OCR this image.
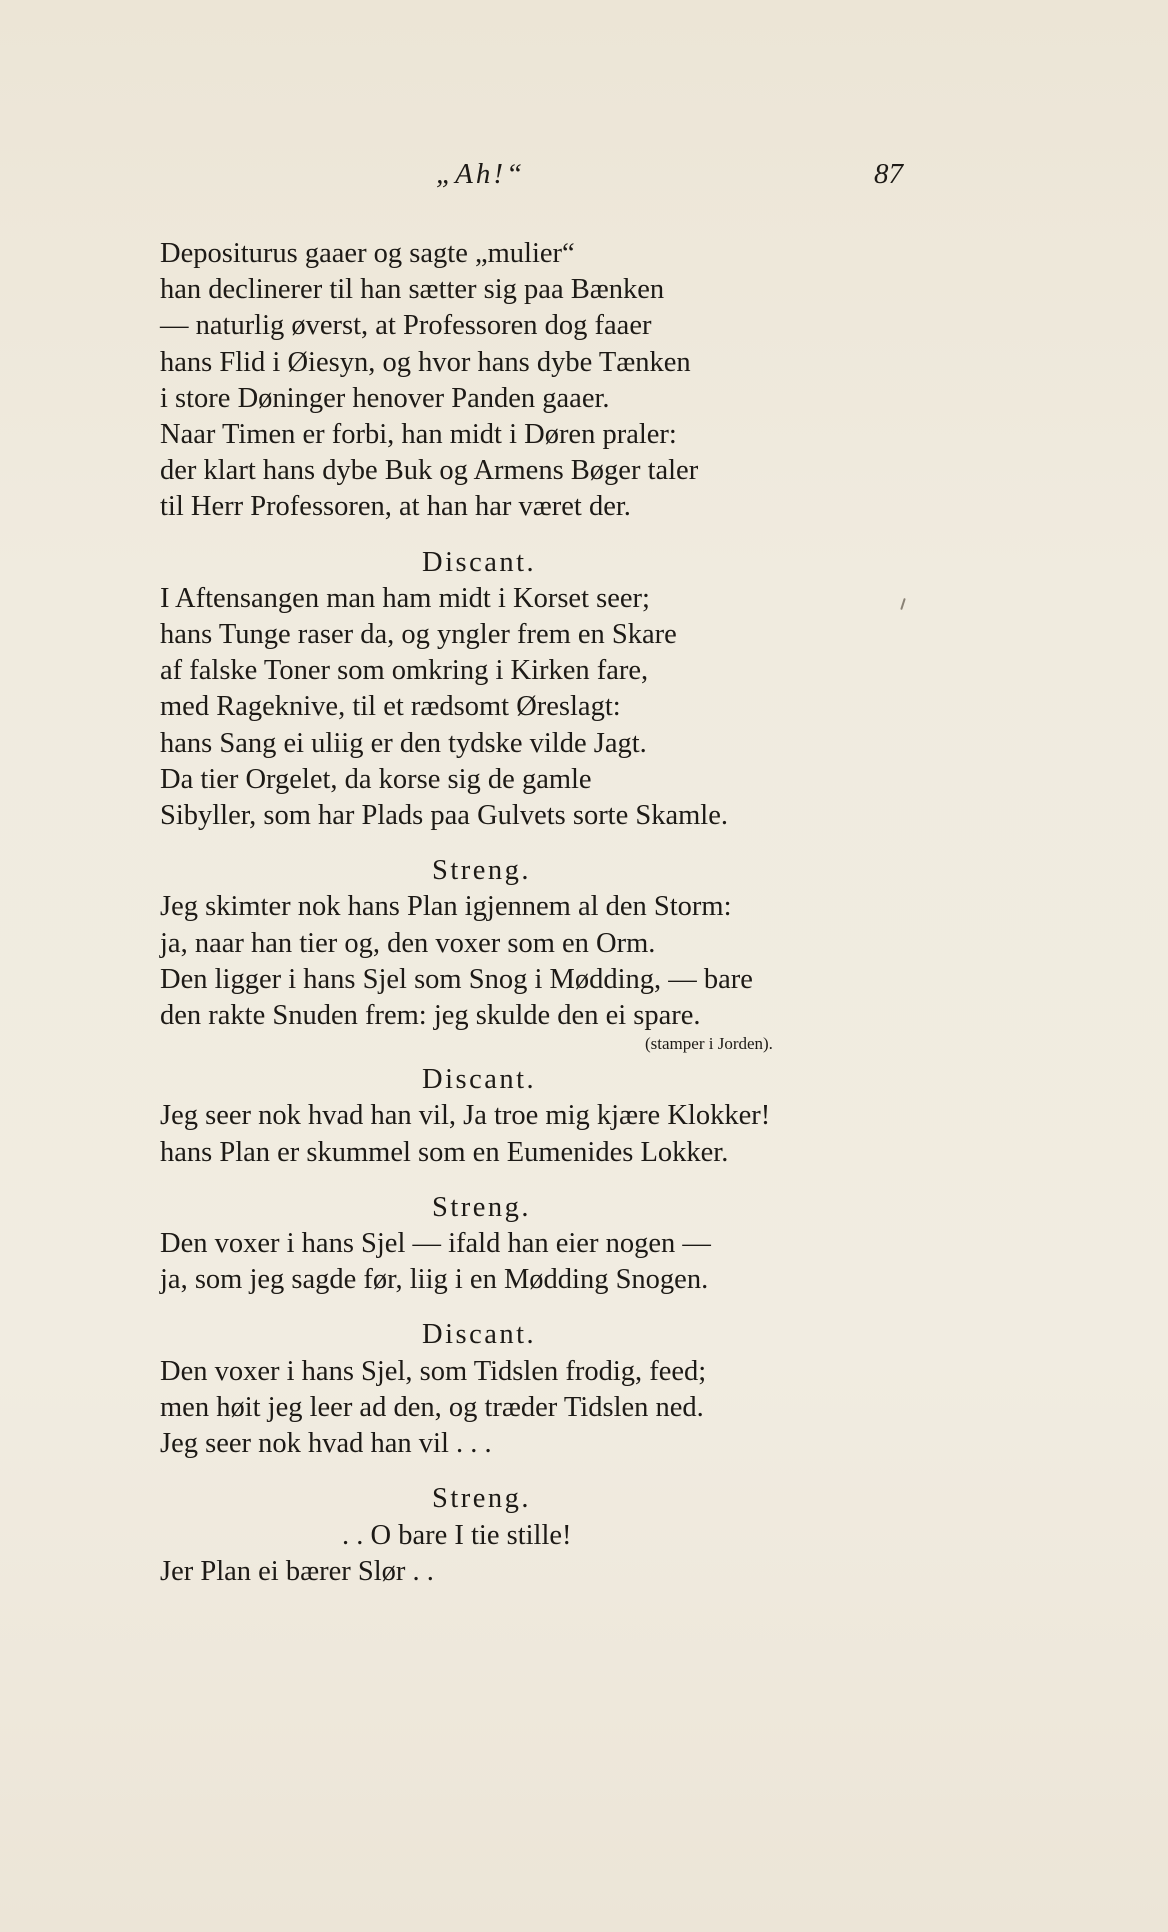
„Ah!“	87
Depositurus gaaer og sagte „mulier“
han declinerer til han sætter sig paa Bænken
— naturlig øverst, at Professoren dog faaer
hans Flid i Øiesyn, og hvor hans dybe Tænken
i store Døninger henover Panden gaaer.
Naar Timen er forbi, han midt i Døren praler:
der klart hans dybe Buk og Armens Bøger taler
til Herr Professoren, at han har været der.
Discant.
I Aftensangen man ham midt i Korset seer;
hans Tunge raser da, og yngler frem en Skare
af falske Toner som omkring i Kirken fare,
med Rageknive, til et rædsomt Øreslagt:
hans Sang ei uliig er den tydske vilde Jagt.
Da tier Orgelet, da korse sig de gamle
Sibyller, som har Plads paa Gulvets sorte Skamle.
Streng.
Jeg skimter nok hans Plan igjennem al den Storm:
ja, naar han tier og, den voxer som en Orm.
Den ligger i hans Sjel som Snog i Mødding, — bare
den rakte Snuden frem: jeg skulde den ei spare.
(stamper i Jorden).
Discant.
Jeg seer nok hvad han vil, Ja troe mig kjære Klokker!
hans Plan er skummel som en Eumenides Lokker.
Streng.
Den voxer i hans Sjel — ifald han eier nogen —
ja, som jeg sagde før, liig i en Mødding Snogen.
Discant.
Den voxer i hans Sjel, som Tidslen frodig, feed;
men høit jeg leer ad den, og træder Tidslen ned.
Jeg seer nok hvad han vil . . .
Streng.
. . O bare I tie stille!
Jer Plan ei bærer Slør . .
